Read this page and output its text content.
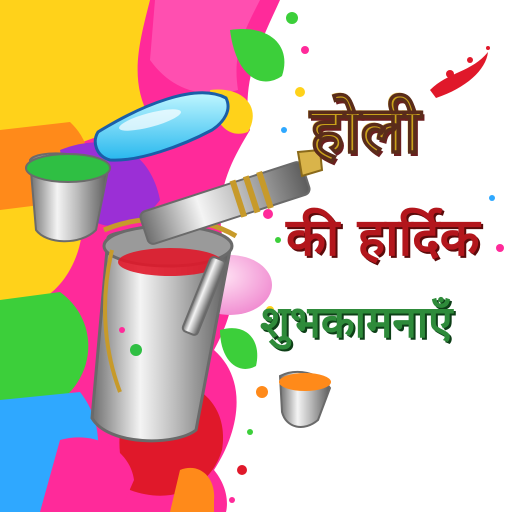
होली
की हार्दिक
शुभकामनाएँ
